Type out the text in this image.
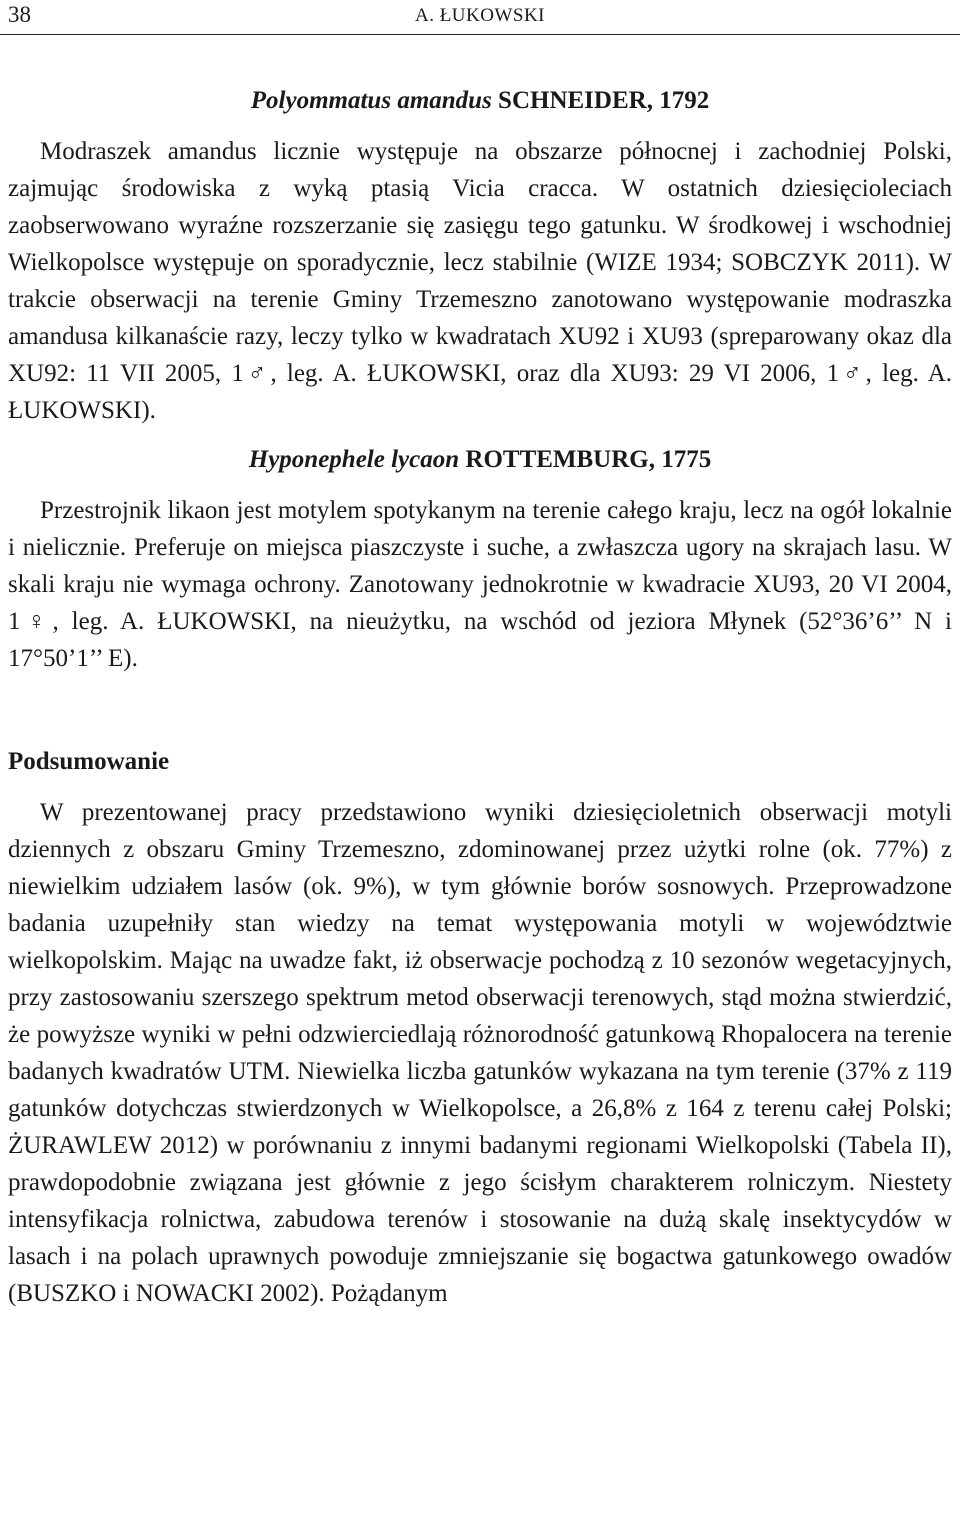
38	A. ŁUKOWSKI
Polyommatus amandus SCHNEIDER, 1792

Modraszek amandus licznie występuje na obszarze północnej i zachodniej Polski, zajmując środowiska z wyką ptasią Vicia cracca. W ostatnich dziesięcioleciach zaobserwowano wyraźne rozszerzanie się zasięgu tego gatunku. W środkowej i wschodniej Wielkopolsce występuje on sporadycznie, lecz stabilnie (WIZE 1934; SOBCZYK 2011). W trakcie obserwacji na terenie Gminy Trzemeszno zanotowano występowanie modraszka amandusa kilkanaście razy, leczy tylko w kwadratach XU92 i XU93 (spreparowany okaz dla XU92: 11 VII 2005, 1♂, leg. A. ŁUKOWSKI, oraz dla XU93: 29 VI 2006, 1♂, leg. A. ŁUKOWSKI).

Hyponephele lycaon ROTTEMBURG, 1775

Przestrojnik likaon jest motylem spotykanym na terenie całego kraju, lecz na ogół lokalnie i nielicznie. Preferuje on miejsca piaszczyste i suche, a zwłaszcza ugory na skrajach lasu. W skali kraju nie wymaga ochrony. Zanotowany jednokrotnie w kwadracie XU93, 20 VI 2004, 1♀, leg. A. ŁUKOWSKI, na nieużytku, na wschód od jeziora Młynek (52°36’6’’ N i 17°50’1’’ E).

Podsumowanie

W prezentowanej pracy przedstawiono wyniki dziesięcioletnich obserwacji motyli dziennych z obszaru Gminy Trzemeszno, zdominowanej przez użytki rolne (ok. 77%) z niewielkim udziałem lasów (ok. 9%), w tym głównie borów sosnowych. Przeprowadzone badania uzupełniły stan wiedzy na temat występowania motyli w województwie wielkopolskim. Mając na uwadze fakt, iż obserwacje pochodzą z 10 sezonów wegetacyjnych, przy zastosowaniu szerszego spektrum metod obserwacji terenowych, stąd można stwierdzić, że powyższe wyniki w pełni odzwierciedlają różnorodność gatunkową Rhopalocera na terenie badanych kwadratów UTM. Niewielka liczba gatunków wykazana na tym terenie (37% z 119 gatunków dotychczas stwierdzonych w Wielkopolsce, a 26,8% z 164 z terenu całej Polski; ŻURAWLEW 2012) w porównaniu z innymi badanymi regionami Wielkopolski (Tabela II), prawdopodobnie związana jest głównie z jego ścisłym charakterem rolniczym. Niestety intensyfikacja rolnictwa, zabudowa terenów i stosowanie na dużą skalę insektycydów w lasach i na polach uprawnych powoduje zmniejszanie się bogactwa gatunkowego owadów (BUSZKO i NOWACKI 2002). Pożądanym
